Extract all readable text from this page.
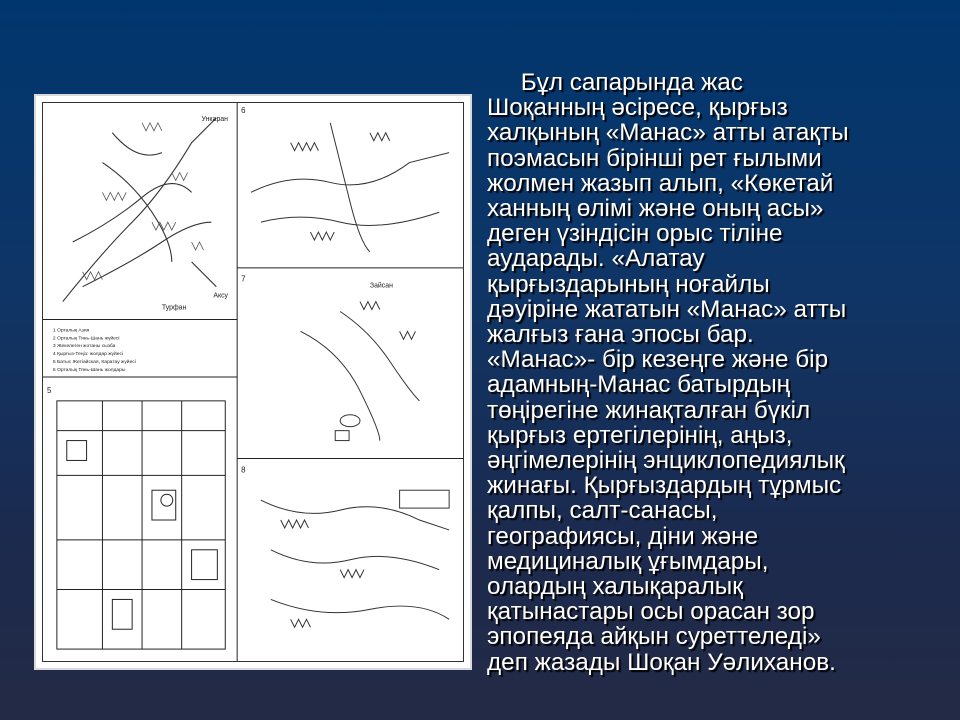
Ункаран
Турфан
Аксу
1 Орталық Азия
2 Орталық Тянь-Шань жүйесі
3 Жекелеген жотаны сызба
4 Қырғыз-Теңіз: жолдар жүйесі
5 Батыс Жетіайская, Каратау жүйесі
6 Орталық Тянь-Шань жолдары
5
6
7
Зайсан
8
Бұл сапарында жас
Шоқанның әсіресе, қырғыз
халқының «Манас» атты атақты
поэмасын бірінші рет ғылыми
жолмен жазып алып, «Көкетай
ханның өлімі және оның асы»
деген үзіндісін орыс тіліне
аударады. «Алатау
қырғыздарының ноғайлы
дәуіріне жататын «Манас» атты
жалғыз ғана эпосы бар.
«Манас»- бір кезеңге және бір
адамның-Манас батырдың
төңірегіне жинақталған бүкіл
қырғыз ертегілерінің, аңыз,
әңгімелерінің энциклопедиялық
жинағы. Қырғыздардың тұрмыс
қалпы, салт-санасы,
географиясы, діни және
медициналық ұғымдары,
олардың халықаралық
қатынастары осы орасан зор
эпопеяда айқын суреттеледі»
деп жазады Шоқан Уәлиханов.
